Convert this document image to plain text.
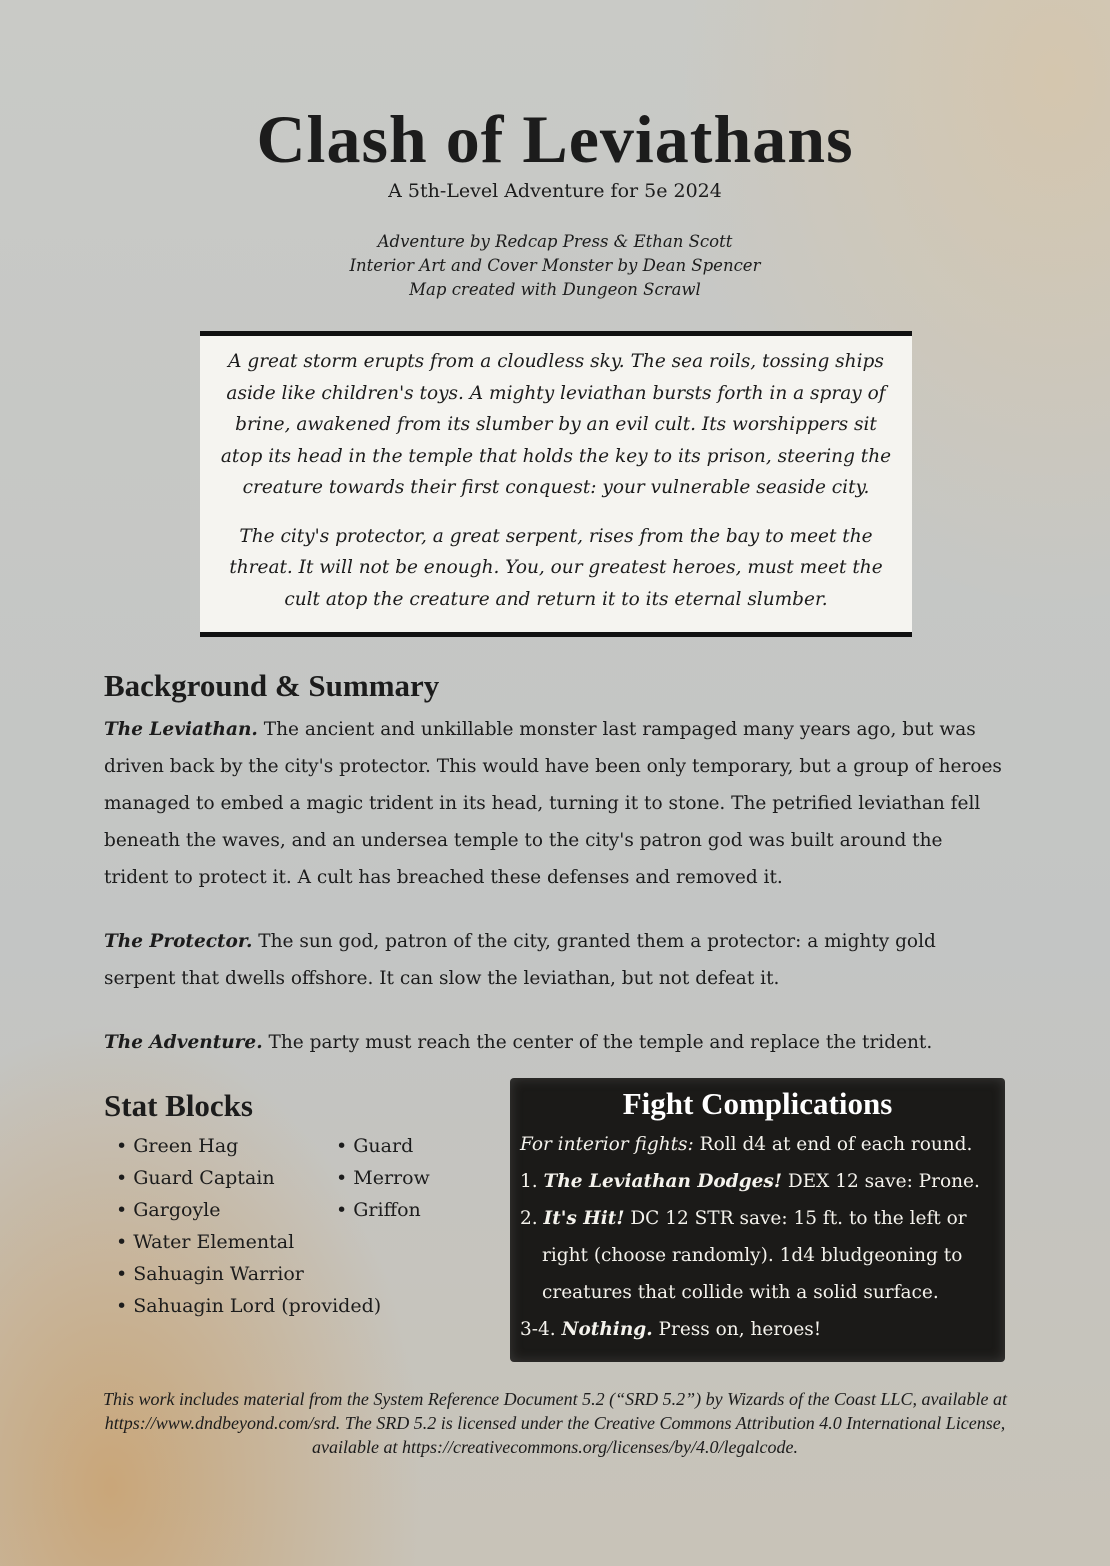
Clash of Leviathans
A 5th-Level Adventure for 5e 2024
Adventure by Redcap Press & Ethan Scott
Interior Art and Cover Monster by Dean Spencer
Map created with Dungeon Scrawl

A great storm erupts from a cloudless sky. The sea roils, tossing ships aside like children's toys. A mighty leviathan bursts forth in a spray of brine, awakened from its slumber by an evil cult. Its worshippers sit atop its head in the temple that holds the key to its prison, steering the creature towards their first conquest: your vulnerable seaside city.

The city's protector, a great serpent, rises from the bay to meet the threat. It will not be enough. You, our greatest heroes, must meet the cult atop the creature and return it to its eternal slumber.

Background & Summary

The Leviathan. The ancient and unkillable monster last rampaged many years ago, but was driven back by the city's protector. This would have been only temporary, but a group of heroes managed to embed a magic trident in its head, turning it to stone. The petrified leviathan fell beneath the waves, and an undersea temple to the city's patron god was built around the trident to protect it. A cult has breached these defenses and removed it.

The Protector. The sun god, patron of the city, granted them a protector: a mighty gold serpent that dwells offshore. It can slow the leviathan, but not defeat it.

The Adventure. The party must reach the center of the temple and replace the trident.

Stat Blocks
• Green Hag
• Guard Captain
• Gargoyle
• Water Elemental
• Sahuagin Warrior
• Sahuagin Lord (provided)
• Guard
• Merrow
• Griffon
Fight Complications
For interior fights: Roll d4 at end of each round.
1. The Leviathan Dodges! DEX 12 save: Prone.
2. It's Hit! DC 12 STR save: 15 ft. to the left or
right (choose randomly). 1d4 bludgeoning to
creatures that collide with a solid surface.
3-4. Nothing. Press on, heroes!
This work includes material from the System Reference Document 5.2 (“SRD 5.2”) by Wizards of the Coast LLC, available at https://www.dndbeyond.com/srd. The SRD 5.2 is licensed under the Creative Commons Attribution 4.0 International License, available at https://creativecommons.org/licenses/by/4.0/legalcode.
